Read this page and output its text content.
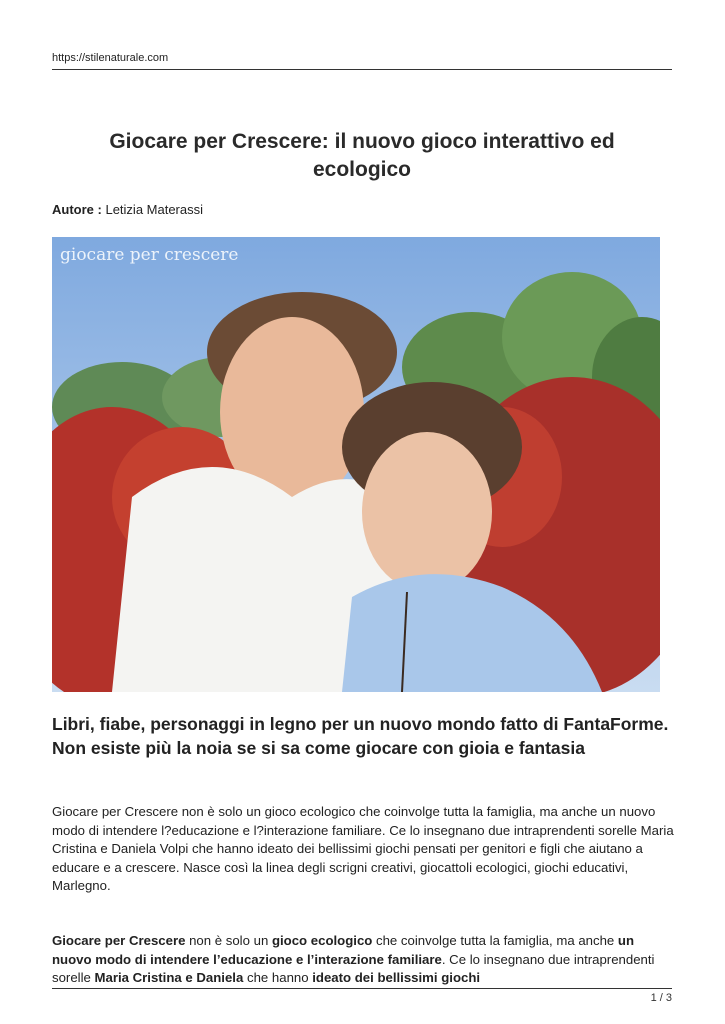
https://stilenaturale.com
Giocare per Crescere: il nuovo gioco interattivo ed ecologico
Autore : Letizia Materassi
giocare per crescere
Libri, fiabe, personaggi in legno per un nuovo mondo fatto di FantaForme. Non esiste più la noia se si sa come giocare con gioia e fantasia

Giocare per Crescere non è solo un gioco ecologico che coinvolge tutta la famiglia, ma anche un nuovo modo di intendere l?educazione e l?interazione familiare. Ce lo insegnano due intraprendenti sorelle Maria Cristina e Daniela Volpi che hanno ideato dei bellissimi giochi pensati per genitori e figli che aiutano a educare e a crescere. Nasce così la linea degli scrigni creativi, giocattoli ecologici, giochi educativi, Marlegno.

Giocare per Crescere non è solo un gioco ecologico che coinvolge tutta la famiglia, ma anche un nuovo modo di intendere l’educazione e l’interazione familiare. Ce lo insegnano due intraprendenti sorelle Maria Cristina e Daniela che hanno ideato dei bellissimi giochi

1 / 3
